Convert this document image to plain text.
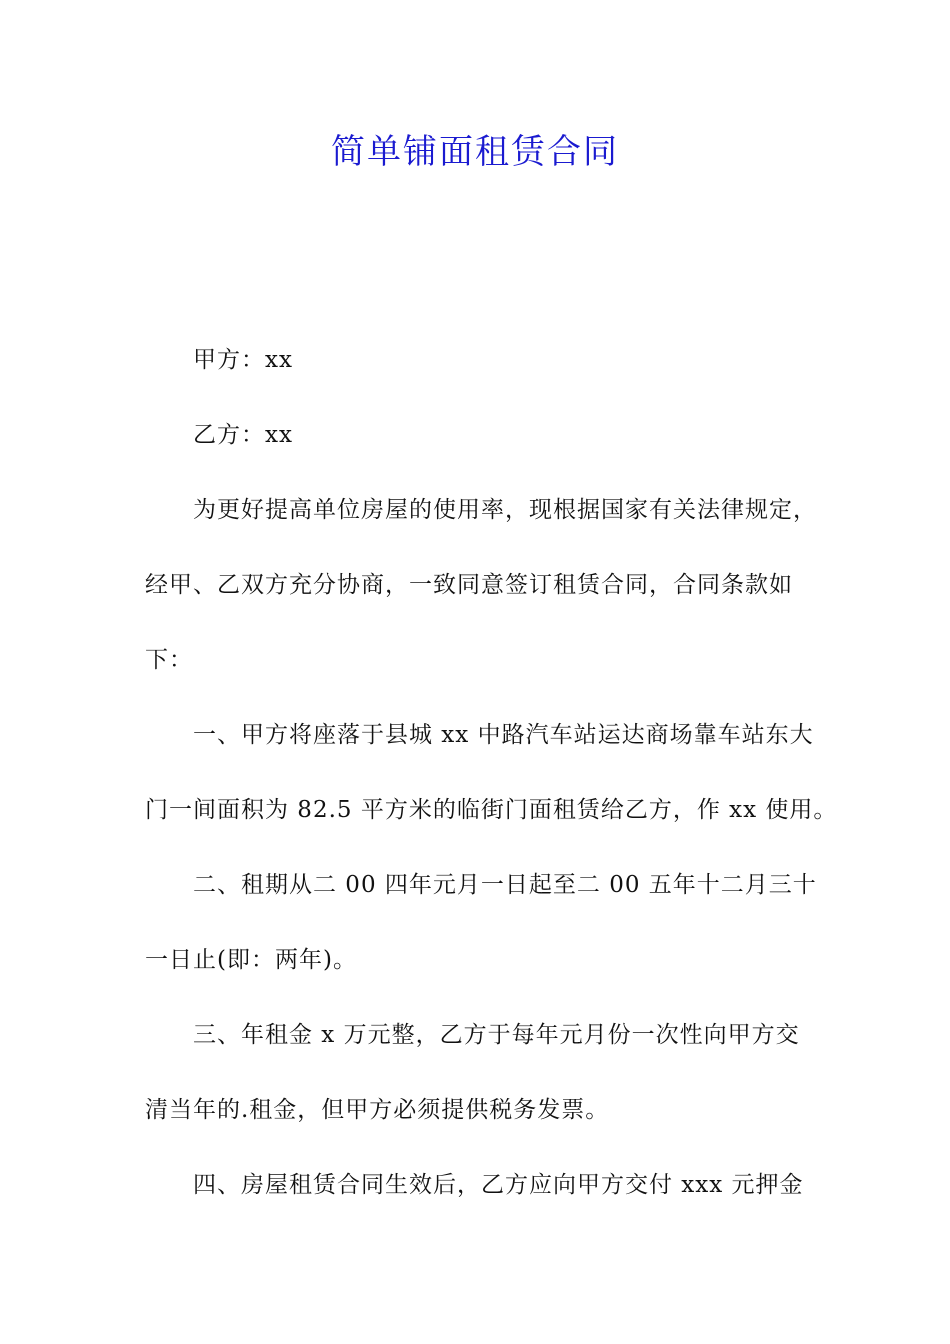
简单铺面租赁合同

甲方：xx

乙方：xx

为更好提高单位房屋的使用率，现根据国家有关法律规定，

经甲、乙双方充分协商，一致同意签订租赁合同，合同条款如

下：

一、甲方将座落于县城 xx 中路汽车站运达商场靠车站东大

门一间面积为 82.5 平方米的临街门面租赁给乙方，作 xx 使用。

二、租期从二 00 四年元月一日起至二 00 五年十二月三十

一日止(即：两年)。

三、年租金 x 万元整，乙方于每年元月份一次性向甲方交

清当年的.租金，但甲方必须提供税务发票。

四、房屋租赁合同生效后，乙方应向甲方交付 xxx 元押金
